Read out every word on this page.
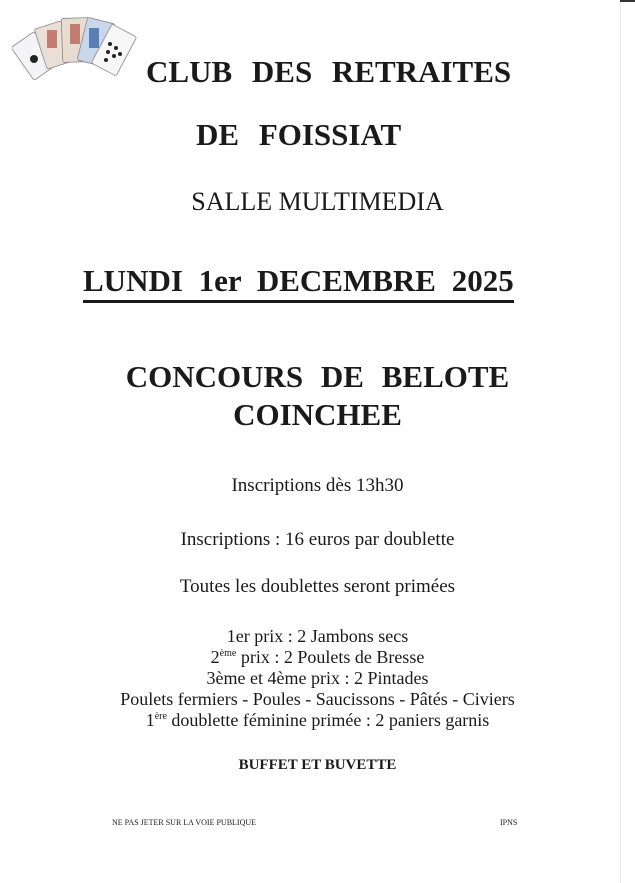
CLUB DES RETRAITES
DE FOISSIAT
SALLE MULTIMEDIA
LUNDI 1er DECEMBRE 2025
CONCOURS DE BELOTE
COINCHEE
Inscriptions dès 13h30
Inscriptions : 16 euros par doublette
Toutes les doublettes seront primées
1er prix : 2 Jambons secs
2ème prix : 2 Poulets de Bresse
3ème et 4ème prix : 2 Pintades
Poulets fermiers - Poules - Saucissons - Pâtés - Civiers
1ère doublette féminine primée : 2 paniers garnis
BUFFET ET BUVETTE
NE PAS JETER SUR LA VOIE PUBLIQUE	IPNS
